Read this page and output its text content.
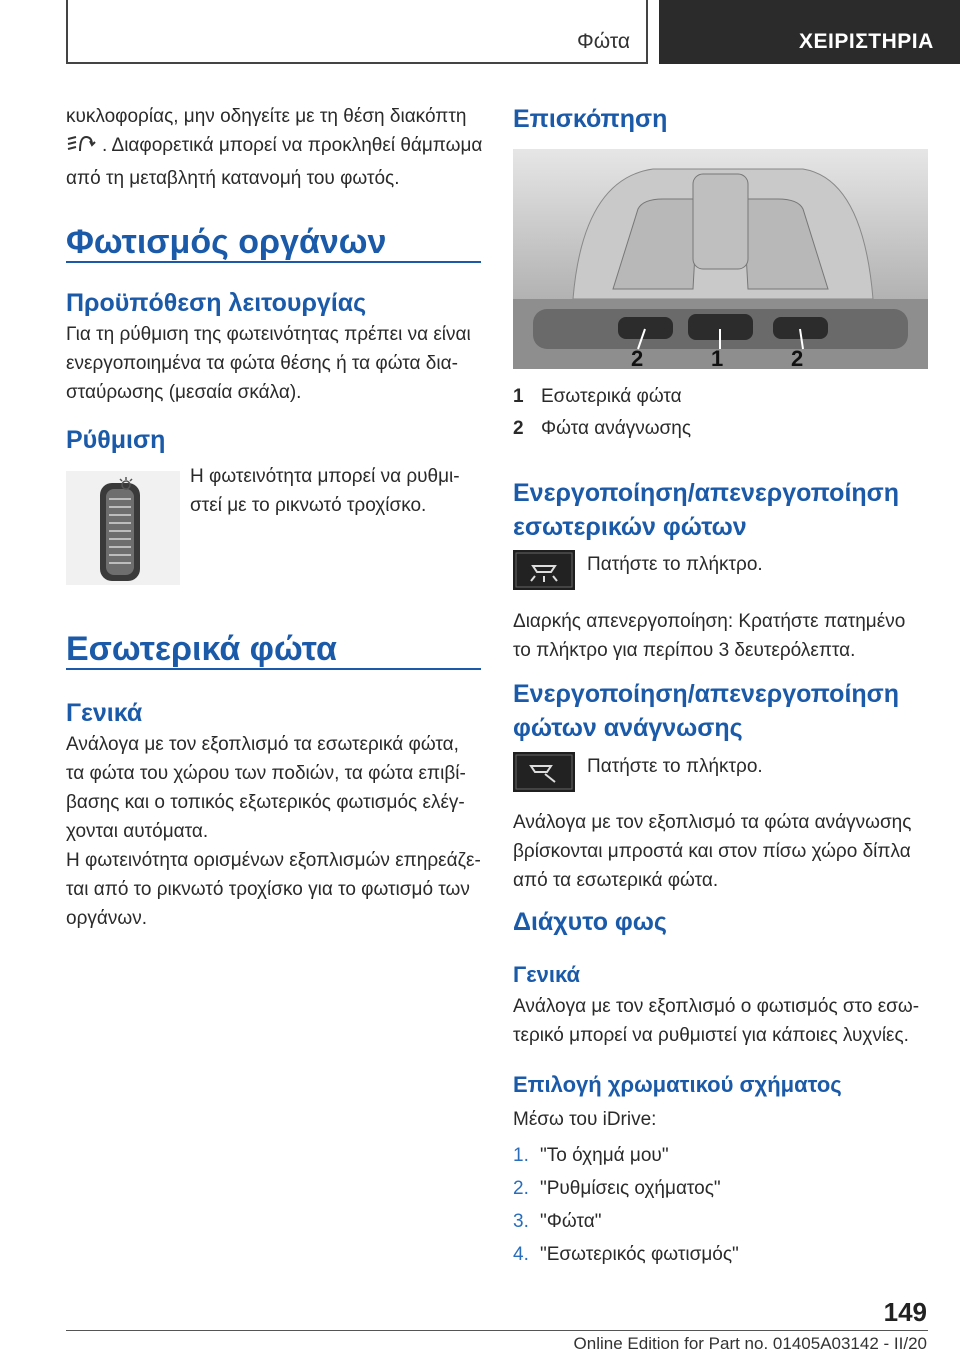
Φώτα	ΧΕΙΡΙΣΤΗΡΙΑ

κυκλοφορίας, μην οδηγείτε με τη θέση διακόπτη

. Διαφορετικά μπορεί να προκληθεί θάμπωμα

από τη μεταβλητή κατανομή του φωτός.

Φωτισμός οργάνων
Προϋπόθεση λειτουργίας

Για τη ρύθμιση της φωτεινότητας πρέπει να είναι

ενεργοποιημένα τα φώτα θέσης ή τα φώτα δια-

σταύρωσης (μεσαία σκάλα).

Ρύθμιση

Η φωτεινότητα μπορεί να ρυθμι-

στεί με το ρικνωτό τροχίσκο.

Εσωτερικά φώτα
Γενικά

Ανάλογα με τον εξοπλισμό τα εσωτερικά φώτα,

τα φώτα του χώρου των ποδιών, τα φώτα επιβί-

βασης και ο τοπικός εξωτερικός φωτισμός ελέγ-

χονται αυτόματα.

Η φωτεινότητα ορισμένων εξοπλισμών επηρεάζε-

ται από το ρικνωτό τροχίσκο για το φωτισμό των

οργάνων.

Επισκόπηση
2	1	2

1 Εσωτερικά φώτα

2 Φώτα ανάγνωσης

Ενεργοποίηση/απενεργοποίηση
εσωτερικών φώτων

Πατήστε το πλήκτρο.

Διαρκής απενεργοποίηση: Κρατήστε πατημένο

το πλήκτρο για περίπου 3 δευτερόλεπτα.

Ενεργοποίηση/απενεργοποίηση
φώτων ανάγνωσης

Πατήστε το πλήκτρο.

Ανάλογα με τον εξοπλισμό τα φώτα ανάγνωσης

βρίσκονται μπροστά και στον πίσω χώρο δίπλα

από τα εσωτερικά φώτα.

Διάχυτο φως
Γενικά

Ανάλογα με τον εξοπλισμό ο φωτισμός στο εσω-

τερικό μπορεί να ρυθμιστεί για κάποιες λυχνίες.

Επιλογή χρωματικού σχήματος

Μέσω του iDrive:

1. "Το όχημά μου"

2. "Ρυθμίσεις οχήματος"

3. "Φώτα"

4. "Εσωτερικός φωτισμός"

149
Online Edition for Part no. 01405A03142 - II/20
